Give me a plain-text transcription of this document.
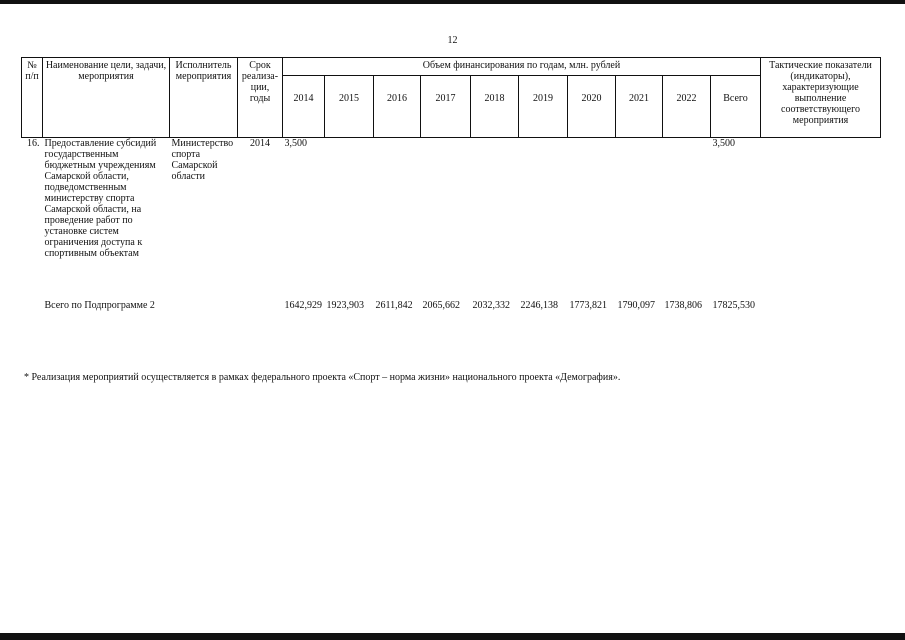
12
№ п/п	Наименование цели, задачи, мероприятия	Исполнитель мероприятия	Срок реализа- ции, годы	Объем финансирования по годам, млн. рублей										Тактические показатели (индикаторы), характеризующие выполнение соответствующего мероприятия

				2014	2015	2016	2017	2018	2019	2020	2021	2022	Всего	

16.	Предоставление субсидий государственным бюджетным учреждениям Самарской области, подведомственным министерству спорта Самарской области, на проведение работ по установке систем ограничения доступа к спортивным объектам	Министерство спорта Самарской области	2014	3,500									3,500	
	Всего по Подпрограмме 2			1642,929	1923,903	2611,842	2065,662	2032,332	2246,138	1773,821	1790,097	1738,806	17825,530	
* Реализация мероприятий осуществляется в рамках федерального проекта «Спорт – норма жизни» национального проекта «Демография».
